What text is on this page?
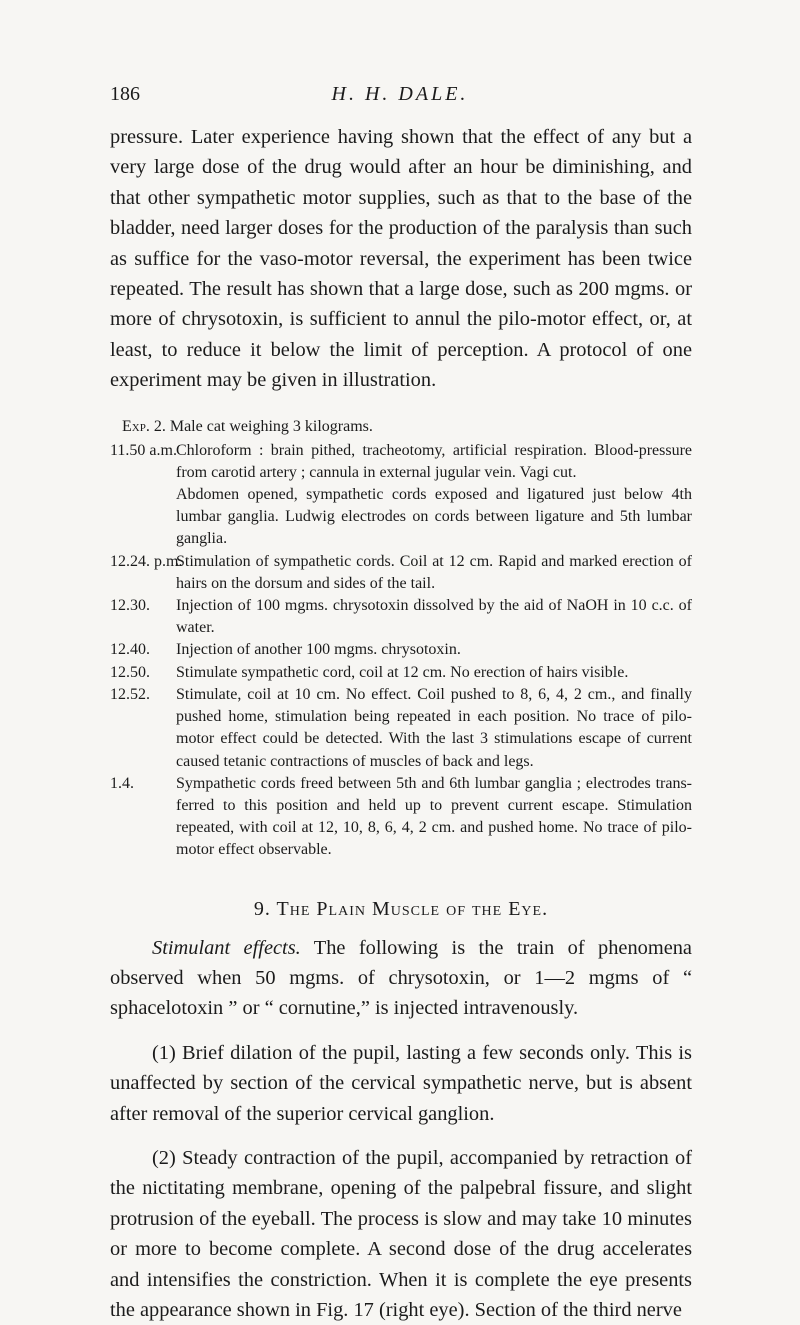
186	H. H. DALE.

pressure. Later experience having shown that the effect of any but a very large dose of the drug would after an hour be diminishing, and that other sympathetic motor supplies, such as that to the base of the bladder, need larger doses for the production of the paralysis than such as suffice for the vaso-motor reversal, the experiment has been twice repeated. The result has shown that a large dose, such as 200 mgms. or more of chrysotoxin, is sufficient to annul the pilo-motor effect, or, at least, to reduce it below the limit of perception. A protocol of one experiment may be given in illustration.

Exp. 2. Male cat weighing 3 kilograms.
11.50 a.m. Chloroform : brain pithed, tracheotomy, artificial respiration. Blood-pressure from carotid artery ; cannula in external jugular vein. Vagi cut.
Abdomen opened, sympathetic cords exposed and ligatured just below 4th lumbar ganglia. Ludwig electrodes on cords between ligature and 5th lumbar ganglia.
12.24. p.m.
Stimulation of sympathetic cords. Coil at 12 cm. Rapid and marked erection of hairs on the dorsum and sides of the tail.
12.30. Injection of 100 mgms. chrysotoxin dissolved by the aid of NaOH in 10 c.c. of water.
12.40. Injection of another 100 mgms. chrysotoxin.
12.50. Stimulate sympathetic cord, coil at 12 cm. No erection of hairs visible.
12.52. Stimulate, coil at 10 cm. No effect. Coil pushed to 8, 6, 4, 2 cm., and finally pushed home, stimulation being repeated in each position. No trace of pilo-motor effect could be detected. With the last 3 stimulations escape of current caused tetanic contractions of muscles of back and legs.
1.4.	Sympathetic cords freed between 5th and 6th lumbar ganglia ; electrodes trans-ferred to this position and held up to prevent current escape. Stimulation repeated, with coil at 12, 10, 8, 6, 4, 2 cm. and pushed home. No trace of pilo-motor effect observable.
9. The Plain Muscle of the Eye.

Stimulant effects. The following is the train of phenomena observed when 50 mgms. of chrysotoxin, or 1—2 mgms of “ sphacelotoxin ” or “ cornutine,” is injected intravenously.

(1) Brief dilation of the pupil, lasting a few seconds only. This is unaffected by section of the cervical sympathetic nerve, but is absent after removal of the superior cervical ganglion.

(2) Steady contraction of the pupil, accompanied by retraction of the nictitating membrane, opening of the palpebral fissure, and slight protrusion of the eyeball. The process is slow and may take 10 minutes or more to become complete. A second dose of the drug accelerates and intensifies the constriction. When it is complete the eye presents the appearance shown in Fig. 17 (right eye). Section of the third nerve
